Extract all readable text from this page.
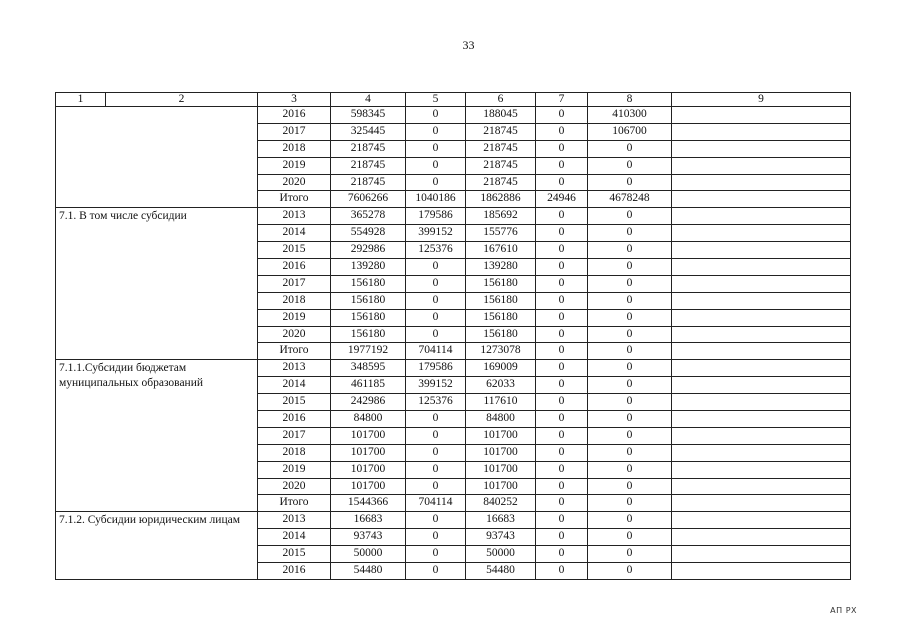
33
1	2	3	4	5	6	7	8	9
		2016	598345	0	188045	0	410300	
		2017	325445	0	218745	0	106700	
		2018	218745	0	218745	0	0	
		2019	218745	0	218745	0	0	
		2020	218745	0	218745	0	0	
		Итого	7606266	1040186	1862886	24946	4678248	
7.1. В том числе субсидии		2013	365278	179586	185692	0	0	
		2014	554928	399152	155776	0	0	
		2015	292986	125376	167610	0	0	
		2016	139280	0	139280	0	0	
		2017	156180	0	156180	0	0	
		2018	156180	0	156180	0	0	
		2019	156180	0	156180	0	0	
		2020	156180	0	156180	0	0	
		Итого	1977192	704114	1273078	0	0	
7.1.1.Субсидии бюджетам муниципальных образований		2013	348595	179586	169009	0	0	
		2014	461185	399152	62033	0	0	
		2015	242986	125376	117610	0	0	
		2016	84800	0	84800	0	0	
		2017	101700	0	101700	0	0	
		2018	101700	0	101700	0	0	
		2019	101700	0	101700	0	0	
		2020	101700	0	101700	0	0	
		Итого	1544366	704114	840252	0	0	
7.1.2. Субсидии юридическим лицам		2013	16683	0	16683	0	0	
		2014	93743	0	93743	0	0	
		2015	50000	0	50000	0	0	
		2016	54480	0	54480	0	0	
АП РХ
